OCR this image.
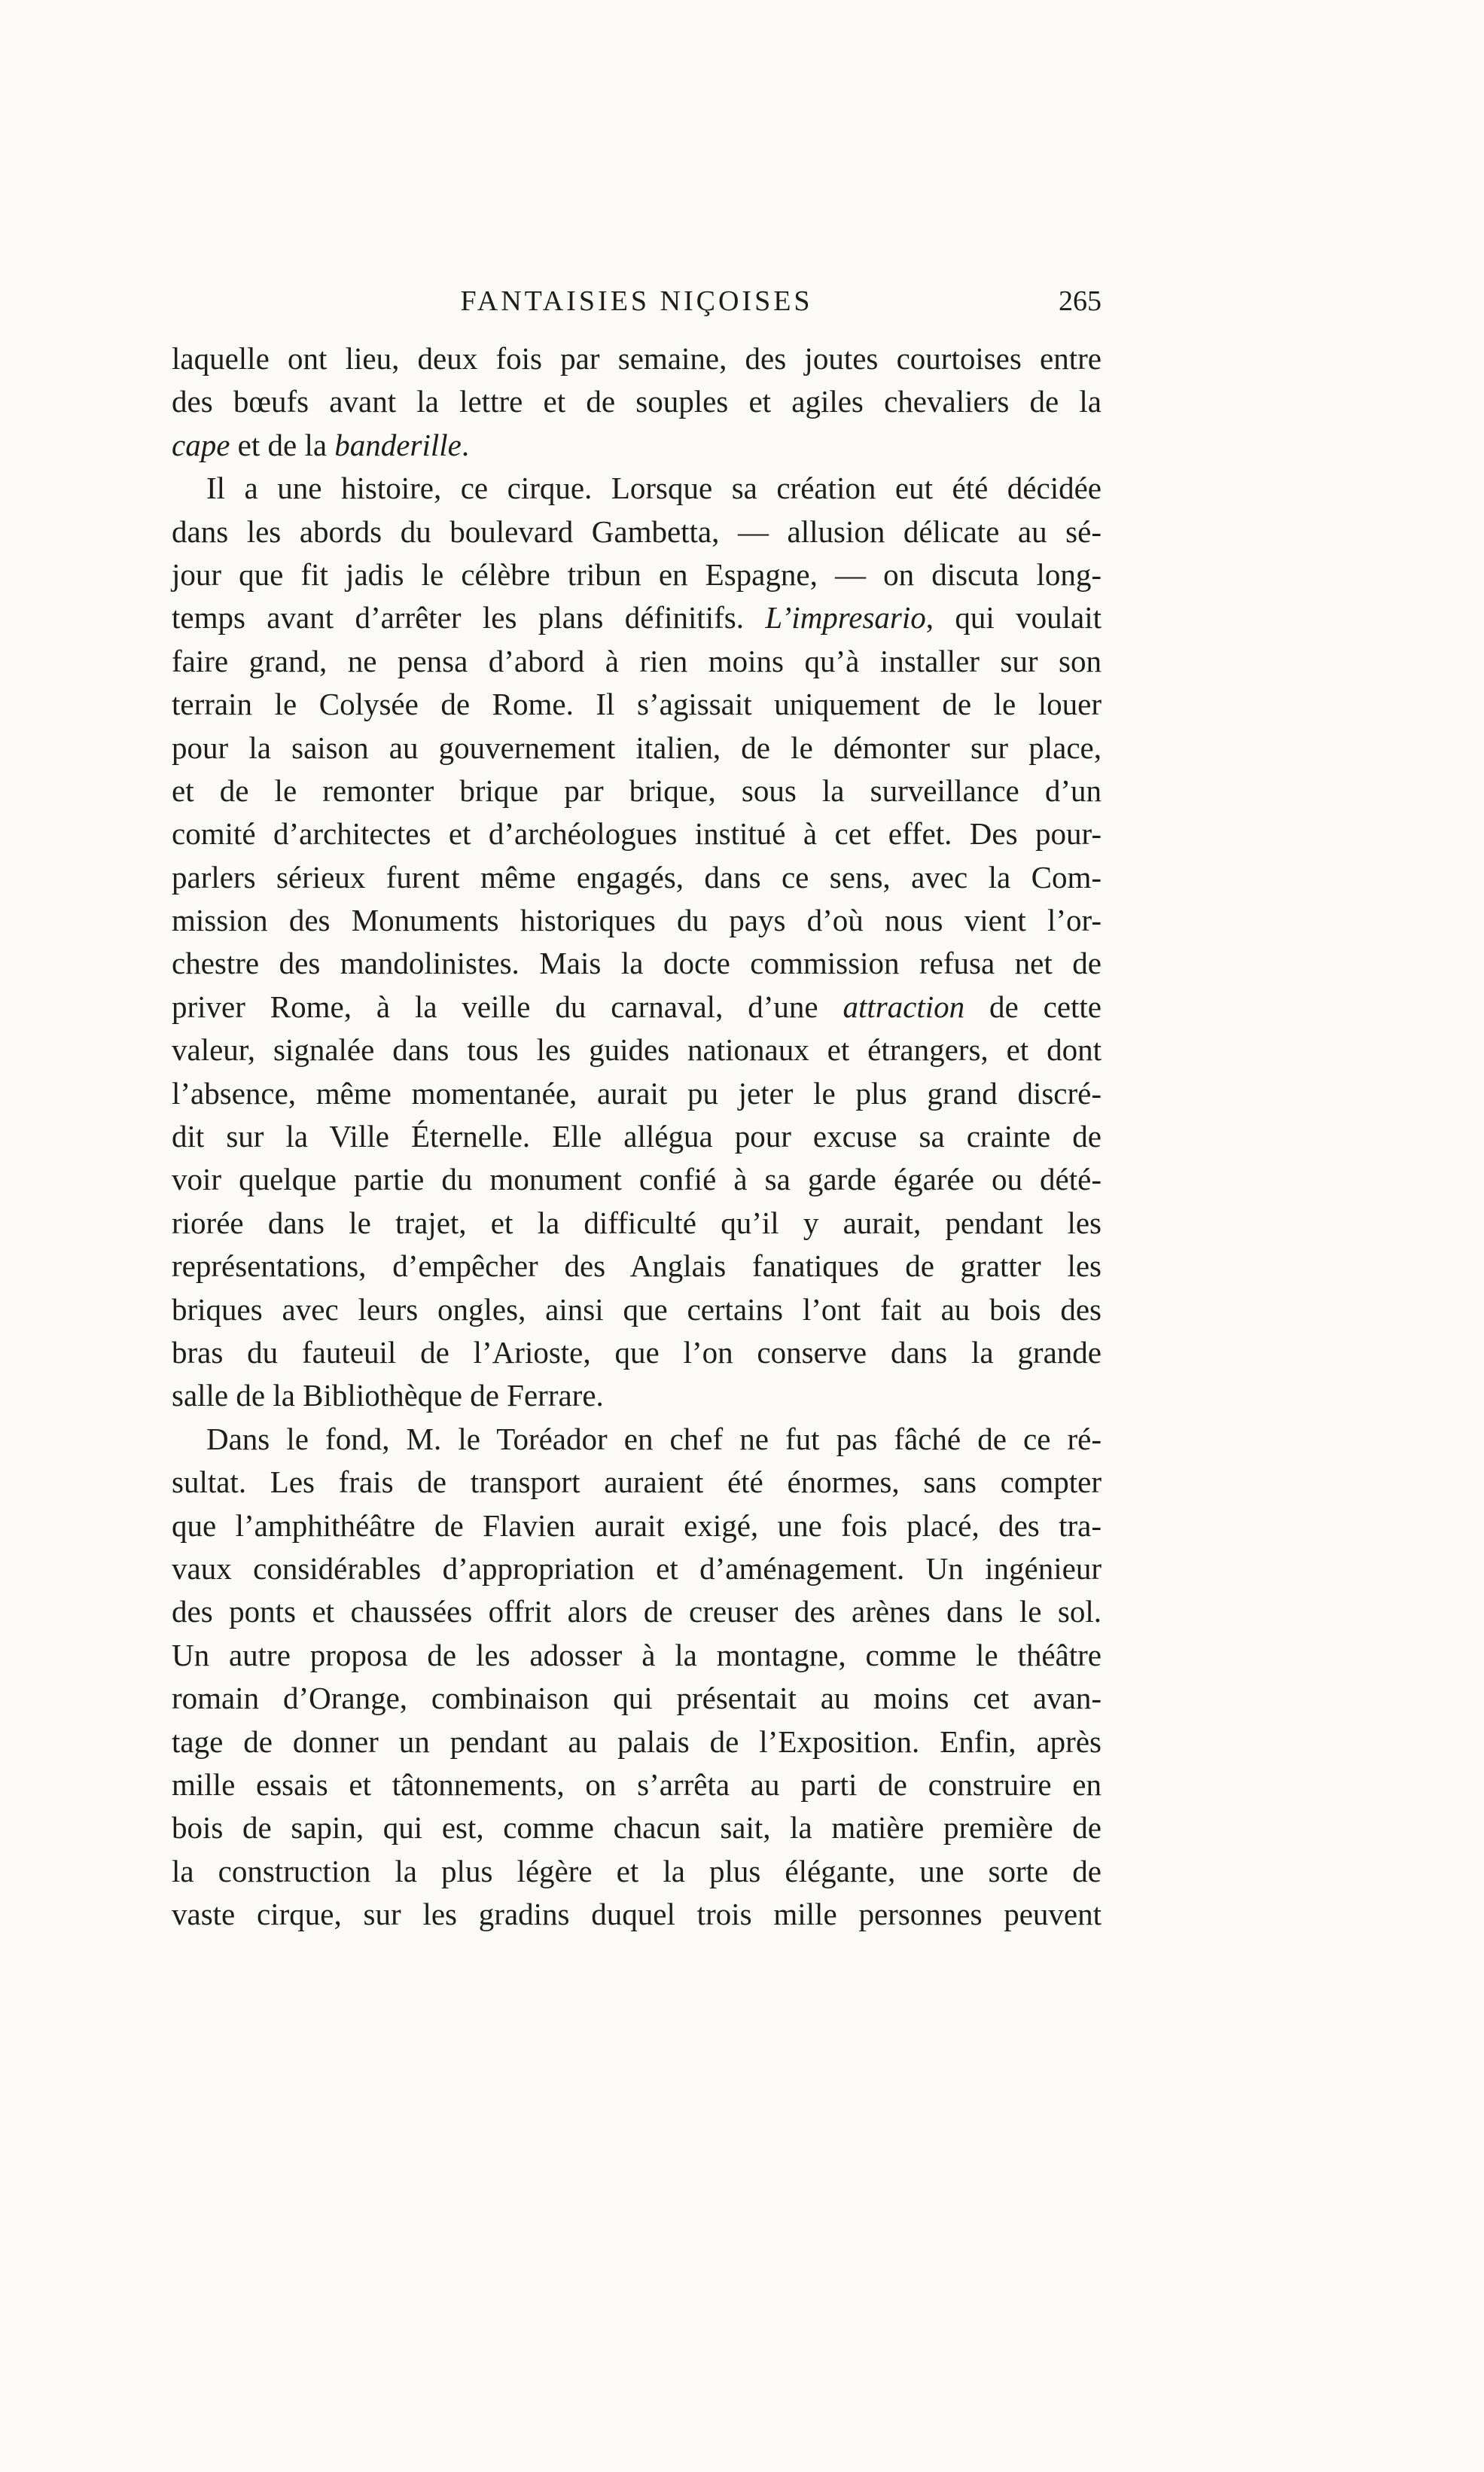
FANTAISIES NIÇOISES	265
laquelle ont lieu, deux fois par semaine, des joutes courtoises entre
des bœufs avant la lettre et de souples et agiles chevaliers de la
cape et de la banderille.
Il a une histoire, ce cirque. Lorsque sa création eut été décidée
dans les abords du boulevard Gambetta, — allusion délicate au sé-
jour que fit jadis le célèbre tribun en Espagne, — on discuta long-
temps avant d’arrêter les plans définitifs. L’impresario, qui voulait
faire grand, ne pensa d’abord à rien moins qu’à installer sur son
terrain le Colysée de Rome. Il s’agissait uniquement de le louer
pour la saison au gouvernement italien, de le démonter sur place,
et de le remonter brique par brique, sous la surveillance d’un
comité d’architectes et d’archéologues institué à cet effet. Des pour-
parlers sérieux furent même engagés, dans ce sens, avec la Com-
mission des Monuments historiques du pays d’où nous vient l’or-
chestre des mandolinistes. Mais la docte commission refusa net de
priver Rome, à la veille du carnaval, d’une attraction de cette
valeur, signalée dans tous les guides nationaux et étrangers, et dont
l’absence, même momentanée, aurait pu jeter le plus grand discré-
dit sur la Ville Éternelle. Elle allégua pour excuse sa crainte de
voir quelque partie du monument confié à sa garde égarée ou dété-
riorée dans le trajet, et la difficulté qu’il y aurait, pendant les
représentations, d’empêcher des Anglais fanatiques de gratter les
briques avec leurs ongles, ainsi que certains l’ont fait au bois des
bras du fauteuil de l’Arioste, que l’on conserve dans la grande
salle de la Bibliothèque de Ferrare.
Dans le fond, M. le Toréador en chef ne fut pas fâché de ce ré-
sultat. Les frais de transport auraient été énormes, sans compter
que l’amphithéâtre de Flavien aurait exigé, une fois placé, des tra-
vaux considérables d’appropriation et d’aménagement. Un ingénieur
des ponts et chaussées offrit alors de creuser des arènes dans le sol.
Un autre proposa de les adosser à la montagne, comme le théâtre
romain d’Orange, combinaison qui présentait au moins cet avan-
tage de donner un pendant au palais de l’Exposition. Enfin, après
mille essais et tâtonnements, on s’arrêta au parti de construire en
bois de sapin, qui est, comme chacun sait, la matière première de
la construction la plus légère et la plus élégante, une sorte de
vaste cirque, sur les gradins duquel trois mille personnes peuvent
